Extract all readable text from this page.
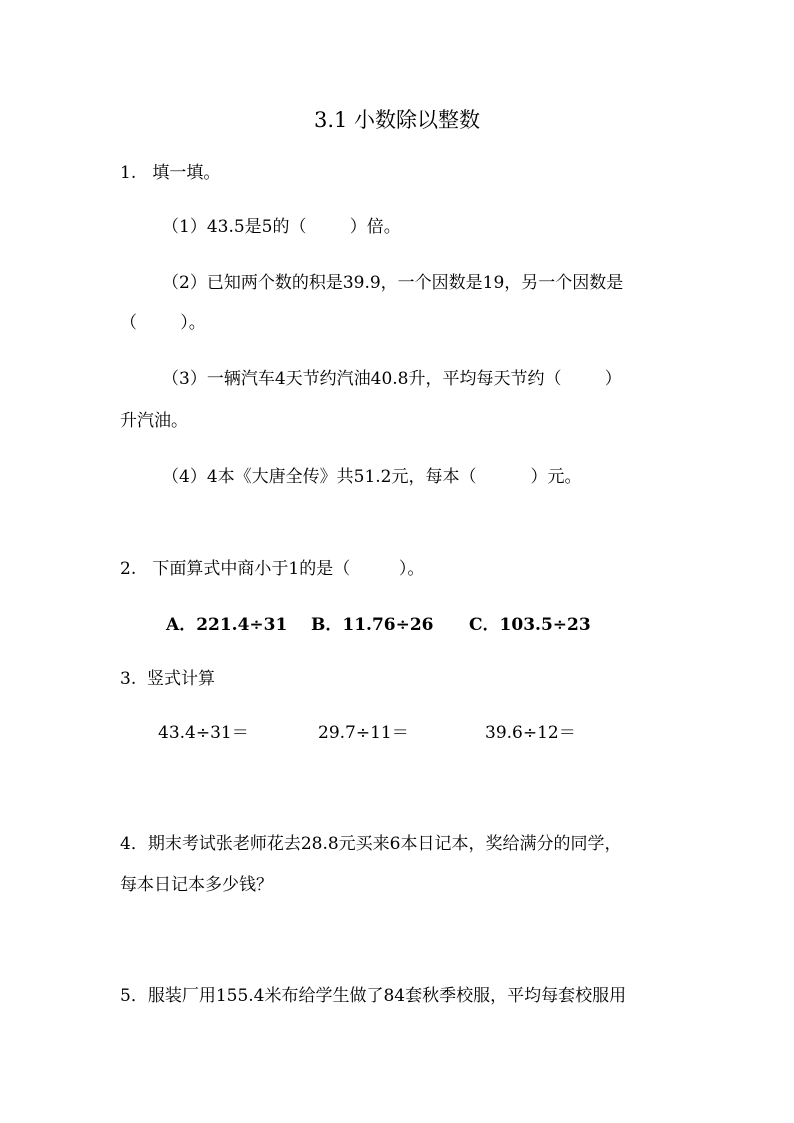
3.1 小数除以整数
1.   填一填。
（1）43.5是5的（        ）倍。
（2）已知两个数的积是39.9，一个因数是19，另一个因数是
（        ）。
（3）一辆汽车4天节约汽油40.8升，平均每天节约（        ）
升汽油。
（4）4本《大唐全传》共51.2元，每本（          ）元。
2.   下面算式中商小于1的是（         ）。
A．221.4÷31    B．11.76÷26      C．103.5÷23
3.  竖式计算
43.4÷31＝	29.7÷11＝	39.6÷12＝
4．期末考试张老师花去28.8元买来6本日记本，奖给满分的同学，
每本日记本多少钱？
5．服装厂用155.4米布给学生做了84套秋季校服，平均每套校服用
